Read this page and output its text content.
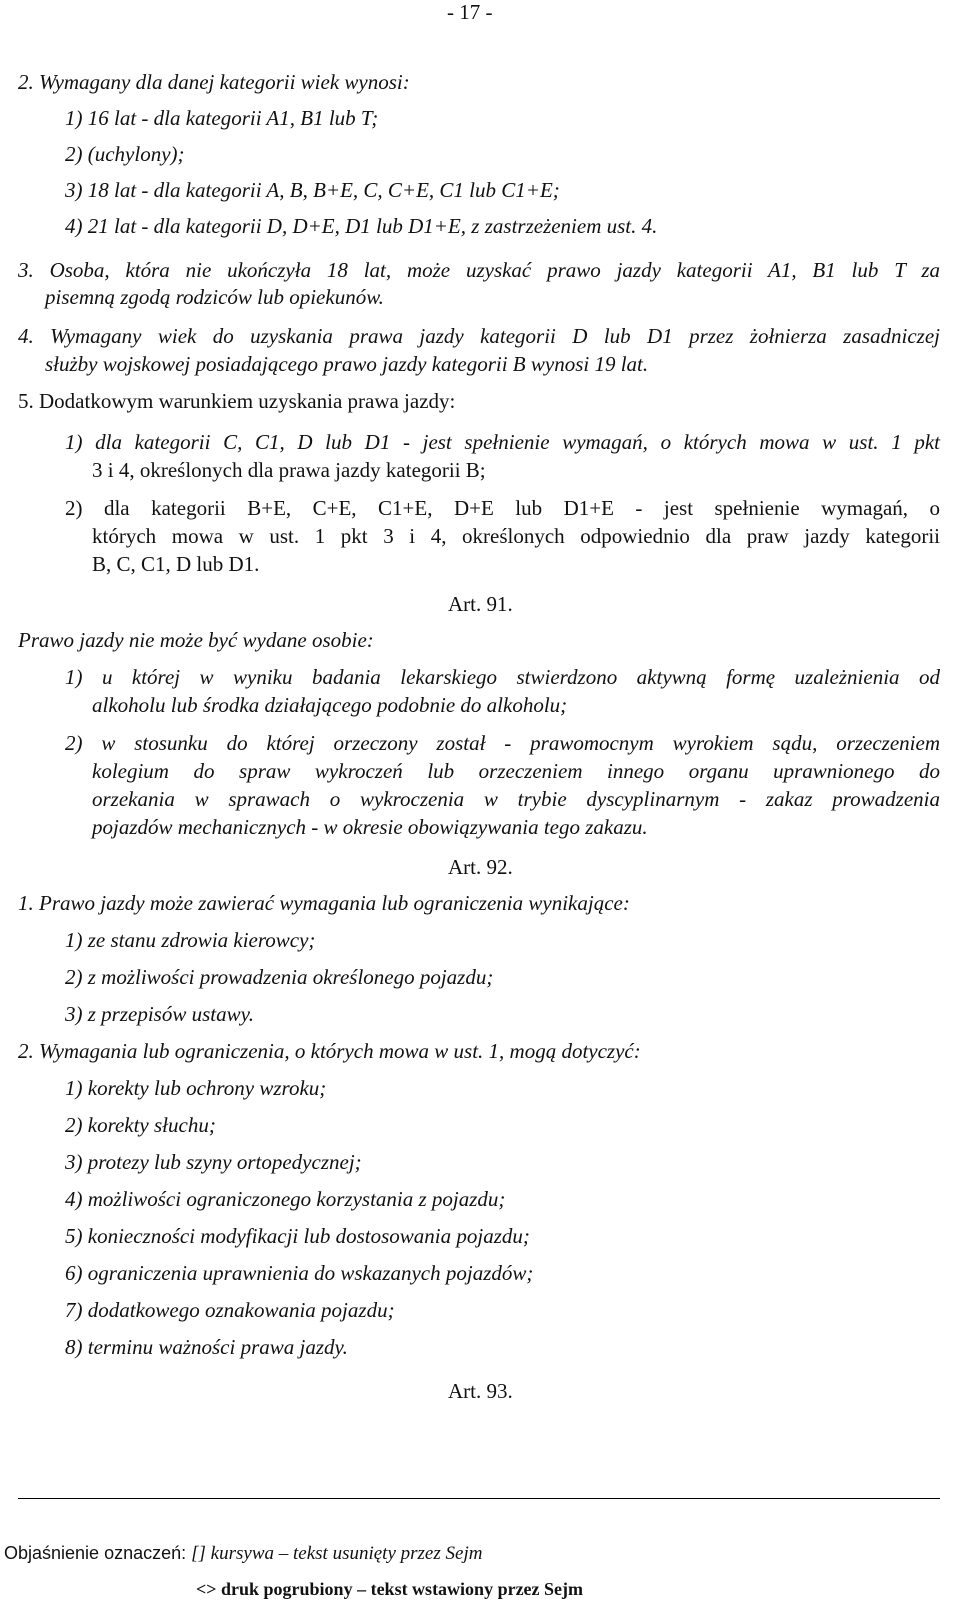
- 17 -
2. Wymagany dla danej kategorii wiek wynosi:
1) 16 lat - dla kategorii A1, B1 lub T;
2) (uchylony);
3) 18 lat - dla kategorii A, B, B+E, C, C+E, C1 lub C1+E;
4) 21 lat - dla kategorii D, D+E, D1 lub D1+E, z zastrzeżeniem ust. 4.
3. Osoba, która nie ukończyła 18 lat, może uzyskać prawo jazdy kategorii A1, B1 lub T za
pisemną zgodą rodziców lub opiekunów.
4. Wymagany wiek do uzyskania prawa jazdy kategorii D lub D1 przez żołnierza zasadniczej
służby wojskowej posiadającego prawo jazdy kategorii B wynosi 19 lat.
5. Dodatkowym warunkiem uzyskania prawa jazdy:
1) dla kategorii C, C1, D lub D1 - jest spełnienie wymagań, o których mowa w ust. 1 pkt
3 i 4, określonych dla prawa jazdy kategorii B;
2) dla kategorii B+E, C+E, C1+E, D+E lub D1+E - jest spełnienie wymagań, o
których mowa w ust. 1 pkt 3 i 4, określonych odpowiednio dla praw jazdy kategorii
B, C, C1, D lub D1.
Art. 91.
Prawo jazdy nie może być wydane osobie:
1) u której w wyniku badania lekarskiego stwierdzono aktywną formę uzależnienia od
alkoholu lub środka działającego podobnie do alkoholu;
2) w stosunku do której orzeczony został - prawomocnym wyrokiem sądu, orzeczeniem
kolegium do spraw wykroczeń lub orzeczeniem innego organu uprawnionego do
orzekania w sprawach o wykroczenia w trybie dyscyplinarnym - zakaz prowadzenia
pojazdów mechanicznych - w okresie obowiązywania tego zakazu.
Art. 92.
1. Prawo jazdy może zawierać wymagania lub ograniczenia wynikające:
1) ze stanu zdrowia kierowcy;
2) z możliwości prowadzenia określonego pojazdu;
3) z przepisów ustawy.
2. Wymagania lub ograniczenia, o których mowa w ust. 1, mogą dotyczyć:
1) korekty lub ochrony wzroku;
2) korekty słuchu;
3) protezy lub szyny ortopedycznej;
4) możliwości ograniczonego korzystania z pojazdu;
5) konieczności modyfikacji lub dostosowania pojazdu;
6) ograniczenia uprawnienia do wskazanych pojazdów;
7) dodatkowego oznakowania pojazdu;
8) terminu ważności prawa jazdy.
Art. 93.
Objaśnienie oznaczeń: [] kursywa – tekst usunięty przez Sejm
<> druk pogrubiony – tekst wstawiony przez Sejm
